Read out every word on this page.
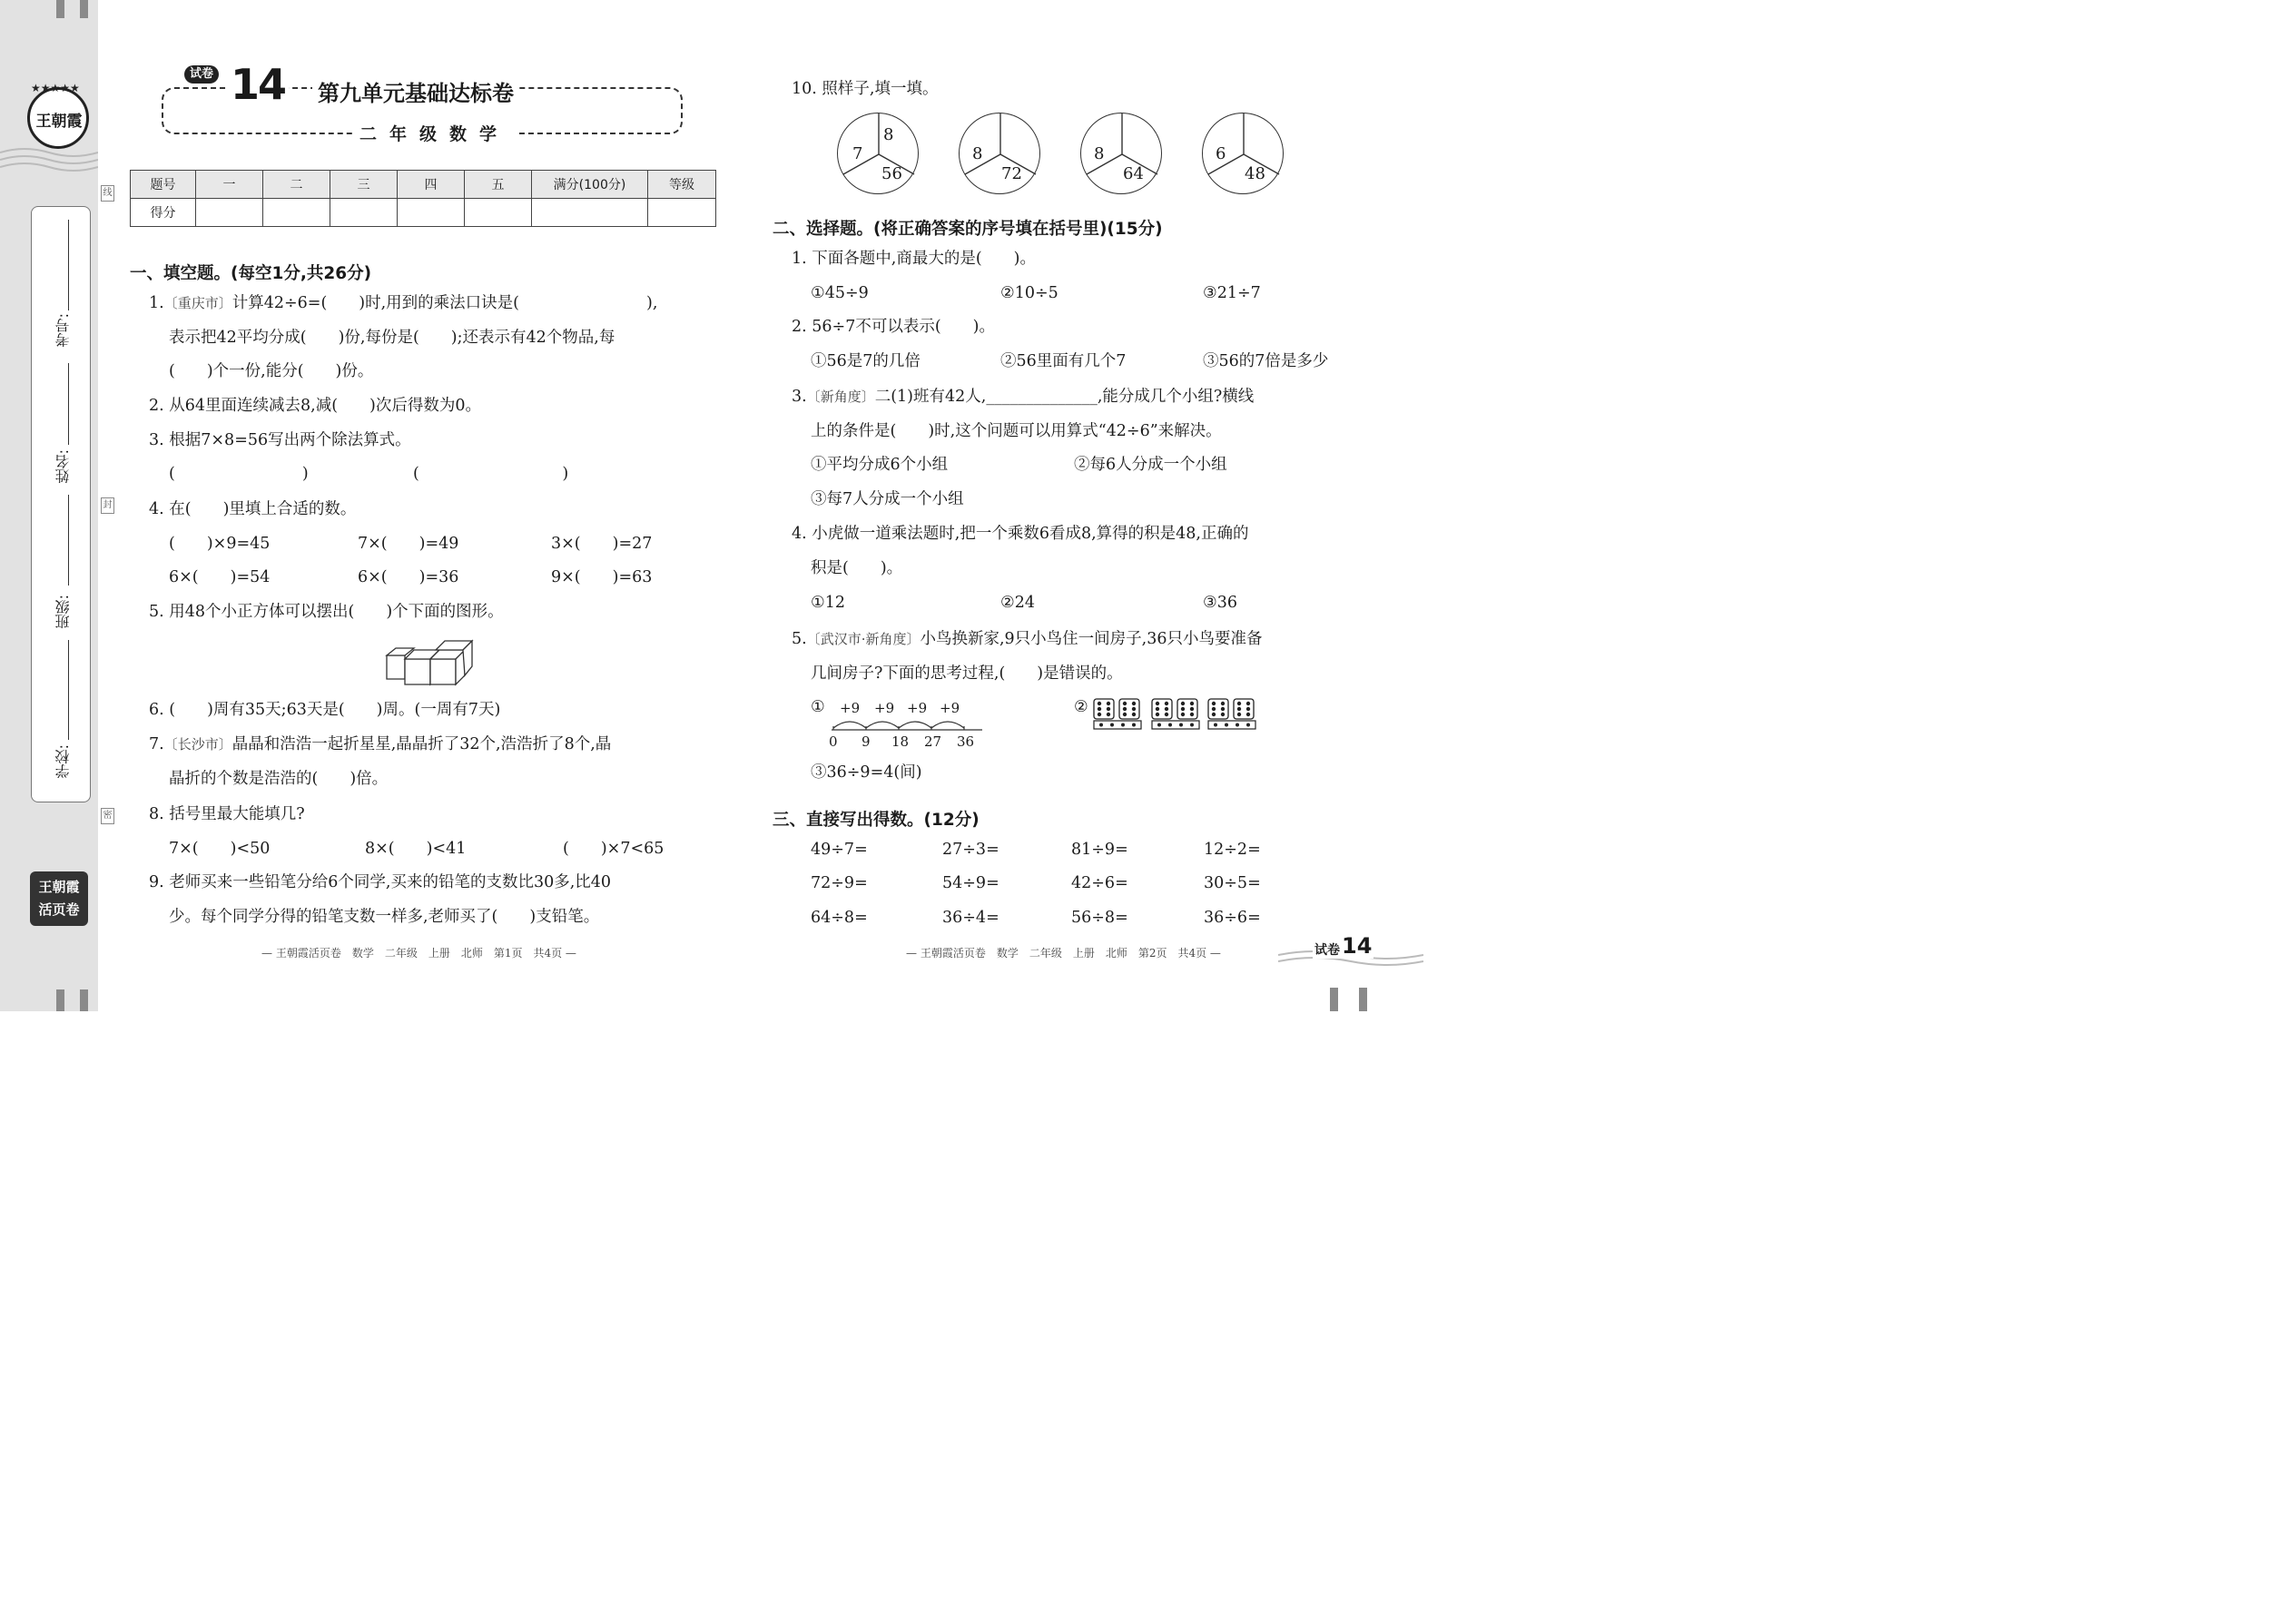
王朝霞
★★★★★
考号:
姓名:
班级:
学校:
线
封
密
王朝霞
活页卷
试卷 14 第九单元基础达标卷
二年级数学
题号	一	二	三	四	五	满分(100分)	等级
得分							
一、填空题。(每空1分,共26分)
1.〔重庆市〕计算42÷6=(　　)时,用到的乘法口诀是(　　　　　　　　),
表示把42平均分成(　　)份,每份是(　　);还表示有42个物品,每
(　　)个一份,能分(　　)份。
2. 从64里面连续减去8,减(　　)次后得数为0。
3. 根据7×8=56写出两个除法算式。
(　　　　　　　　)	(　　　　　　　　　)
4. 在(　　)里填上合适的数。
(　　)×9=45	7×(　　)=49	3×(　　)=27
6×(　　)=54	6×(　　)=36	9×(　　)=63
5. 用48个小正方体可以摆出(　　)个下面的图形。
6. (　　)周有35天;63天是(　　)周。(一周有7天)
7.〔长沙市〕晶晶和浩浩一起折星星,晶晶折了32个,浩浩折了8个,晶
晶折的个数是浩浩的(　　)倍。
8. 括号里最大能填几?
7×(　　)<50	8×(　　)<41	(　　)×7<65
9. 老师买来一些铅笔分给6个同学,买来的铅笔的支数比30多,比40
少。每个同学分得的铅笔支数一样多,老师买了(　　)支铅笔。
— 王朝霞活页卷　数学　二年级　上册　北师　第1页　共4页 —
10. 照样子,填一填。
7
8
56
8
72
8
64
6
48
二、选择题。(将正确答案的序号填在括号里)(15分)
1. 下面各题中,商最大的是(　　)。
①45÷9	②10÷5	③21÷7
2. 56÷7不可以表示(　　)。
①56是7的几倍	②56里面有几个7	③56的7倍是多少
3.〔新角度〕二(1)班有42人,______________,能分成几个小组?横线
上的条件是(　　)时,这个问题可以用算式“42÷6”来解决。
①平均分成6个小组	②每6人分成一个小组
③每7人分成一个小组
4. 小虎做一道乘法题时,把一个乘数6看成8,算得的积是48,正确的
积是(　　)。
①12	②24	③36
5.〔武汉市·新角度〕小鸟换新家,9只小鸟住一间房子,36只小鸟要准备
几间房子?下面的思考过程,(　　)是错误的。
① +9 +9 +9 +9
0 9 18 27 36
②
③36÷9=4(间)
三、直接写出得数。(12分)
49÷7=	27÷3=	81÷9=	12÷2=
72÷9=	54÷9=	42÷6=	30÷5=
64÷8=	36÷4=	56÷8=	36÷6=
— 王朝霞活页卷　数学　二年级　上册　北师　第2页　共4页 —	试卷 14
